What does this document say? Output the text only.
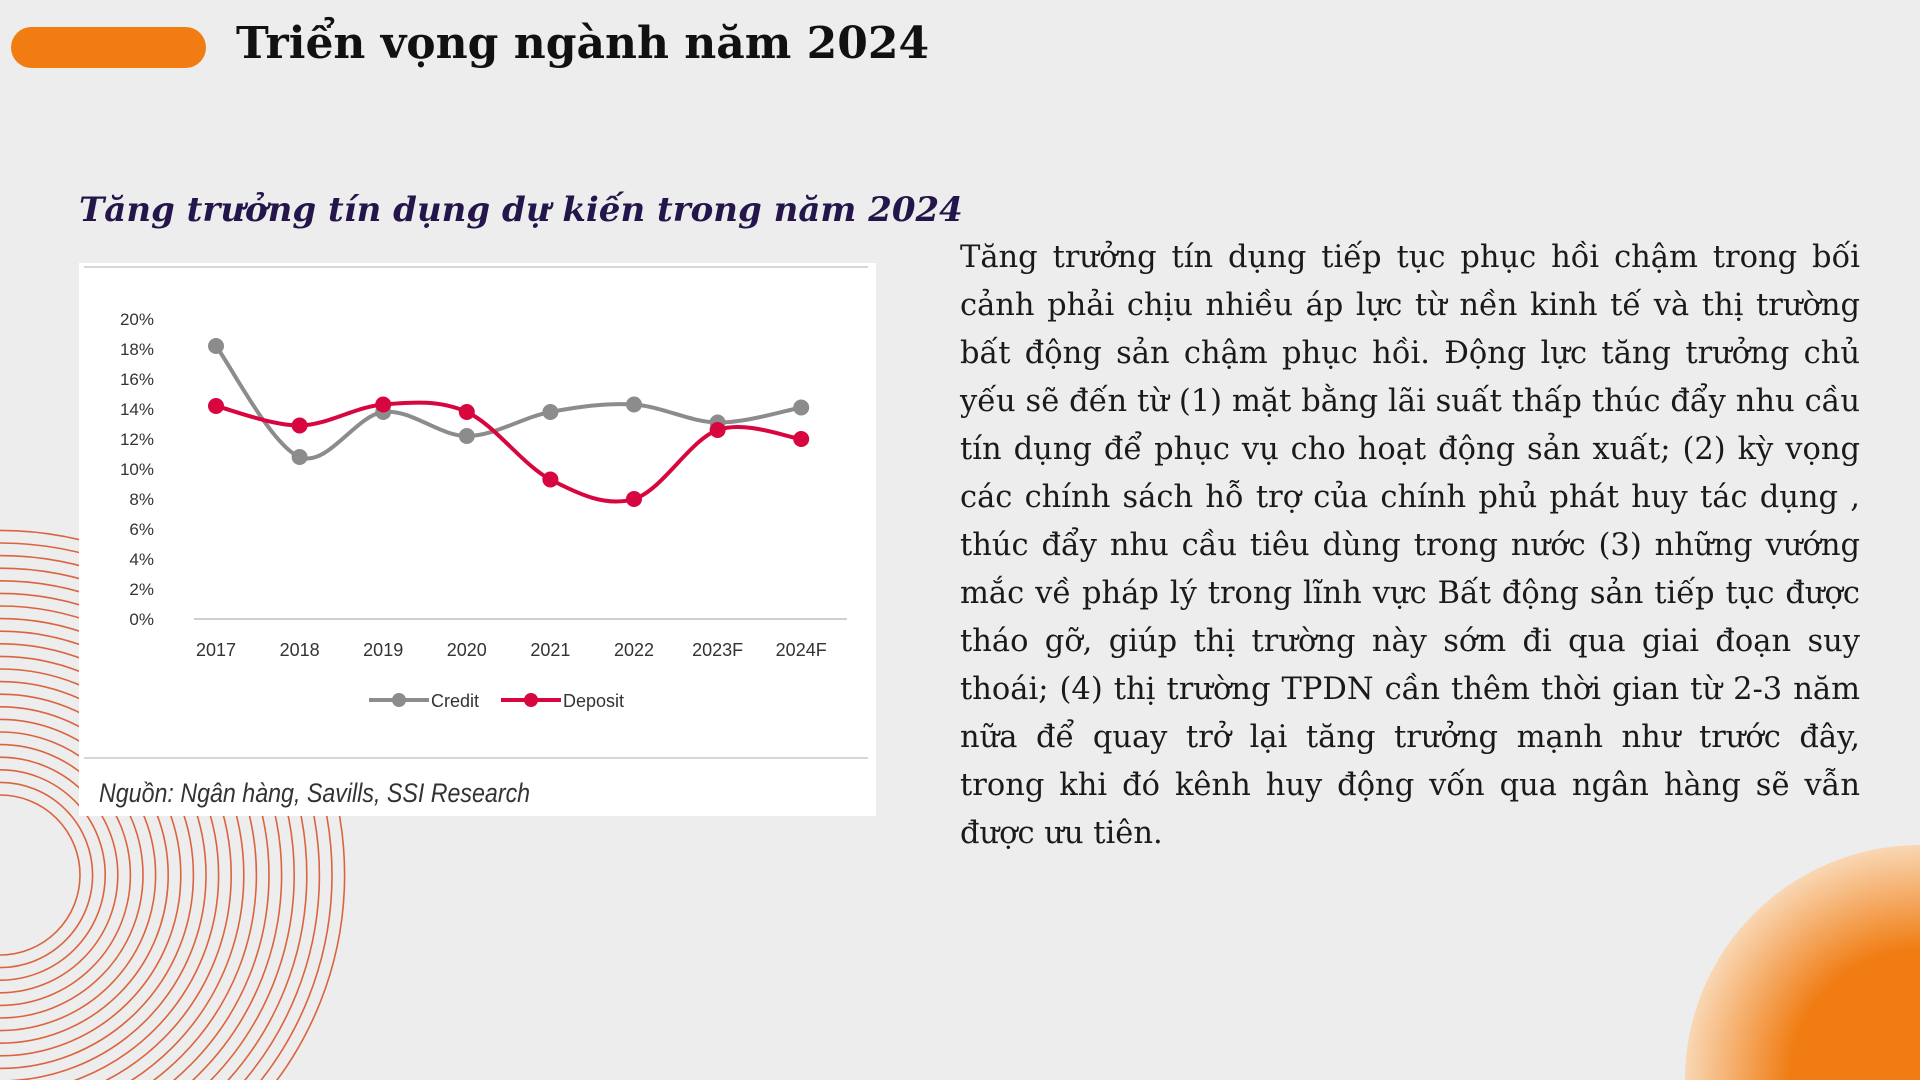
Triển vọng ngành năm 2024
Tăng trưởng tín dụng dự kiến trong năm 2024
0%
2%
4%
6%
8%
10%
12%
14%
16%
18%
20%
2017 2018 2019 2020 2021 2022 2023F 2024F
Credit	Deposit
Nguồn: Ngân hàng, Savills, SSI Research
Tăng trưởng tín dụng tiếp tục phục hồi chậm trong bối cảnh phải chịu nhiều áp lực từ nền kinh tế và thị trường bất động sản chậm phục hồi. Động lực tăng trưởng chủ yếu sẽ đến từ (1) mặt bằng lãi suất thấp thúc đẩy nhu cầu tín dụng để phục vụ cho hoạt động sản xuất; (2) kỳ vọng các chính sách hỗ trợ của chính phủ phát huy tác dụng , thúc đẩy nhu cầu tiêu dùng trong nước (3) những vướng mắc về pháp lý trong lĩnh vực Bất động sản tiếp tục được tháo gỡ, giúp thị trường này sớm đi qua giai đoạn suy thoái; (4) thị trường TPDN cần thêm thời gian từ 2-3 năm nữa để quay trở lại tăng trưởng mạnh như trước đây, trong khi đó kênh huy động vốn qua ngân hàng sẽ vẫn được ưu tiên.
